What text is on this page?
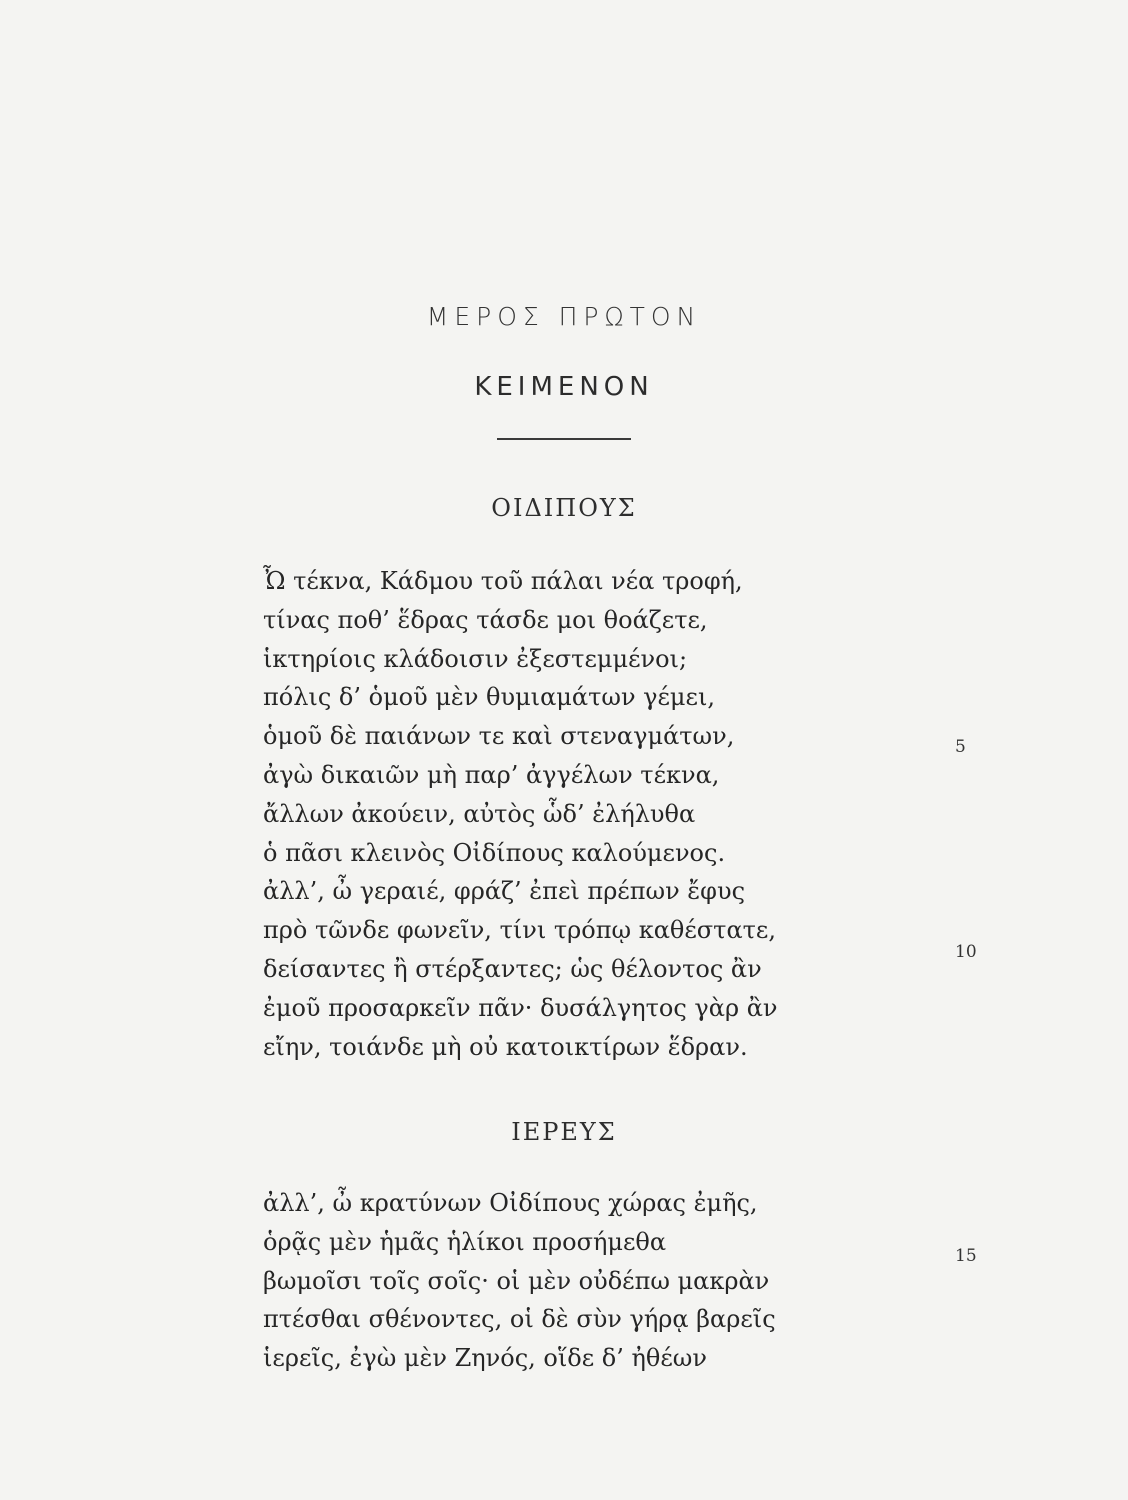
ΜΕΡΟΣ ΠΡΩΤΟΝ
ΚΕΙΜΕΝΟΝ
ΟΙΔΙΠΟΥΣ
Ὦ τέκνα, Κάδμου τοῦ πάλαι νέα τροφή,
τίνας ποθ’ ἕδρας τάσδε μοι θοάζετε,
ἱκτηρίοις κλάδοισιν ἐξεστεμμένοι;
πόλις δ’ ὁμοῦ μὲν θυμιαμάτων γέμει,
ὁμοῦ δὲ παιάνων τε καὶ στεναγμάτων,
ἀγὼ δικαιῶν μὴ παρ’ ἀγγέλων τέκνα,
ἄλλων ἀκούειν, αὐτὸς ὧδ’ ἐλήλυθα
ὁ πᾶσι κλεινὸς Οἰδίπους καλούμενος.
ἀλλ’, ὦ γεραιέ, φράζ’ ἐπεὶ πρέπων ἔφυς
πρὸ τῶνδε φωνεῖν, τίνι τρόπῳ καθέστατε,
δείσαντες ἢ στέρξαντες; ὡς θέλοντος ἂν
ἐμοῦ προσαρκεῖν πᾶν· δυσάλγητος γὰρ ἂν
εἴην, τοιάνδε μὴ οὐ κατοικτίρων ἕδραν.
ΙΕΡΕΥΣ
ἀλλ’, ὦ κρατύνων Οἰδίπους χώρας ἐμῆς,
ὁρᾷς μὲν ἡμᾶς ἡλίκοι προσήμεθα
βωμοῖσι τοῖς σοῖς· οἱ μὲν οὐδέπω μακρὰν
πτέσθαι σθένοντες, οἱ δὲ σὺν γήρᾳ βαρεῖς
ἱερεῖς, ἐγὼ μὲν Ζηνός, οἵδε δ’ ἠθέων
5
10
15
